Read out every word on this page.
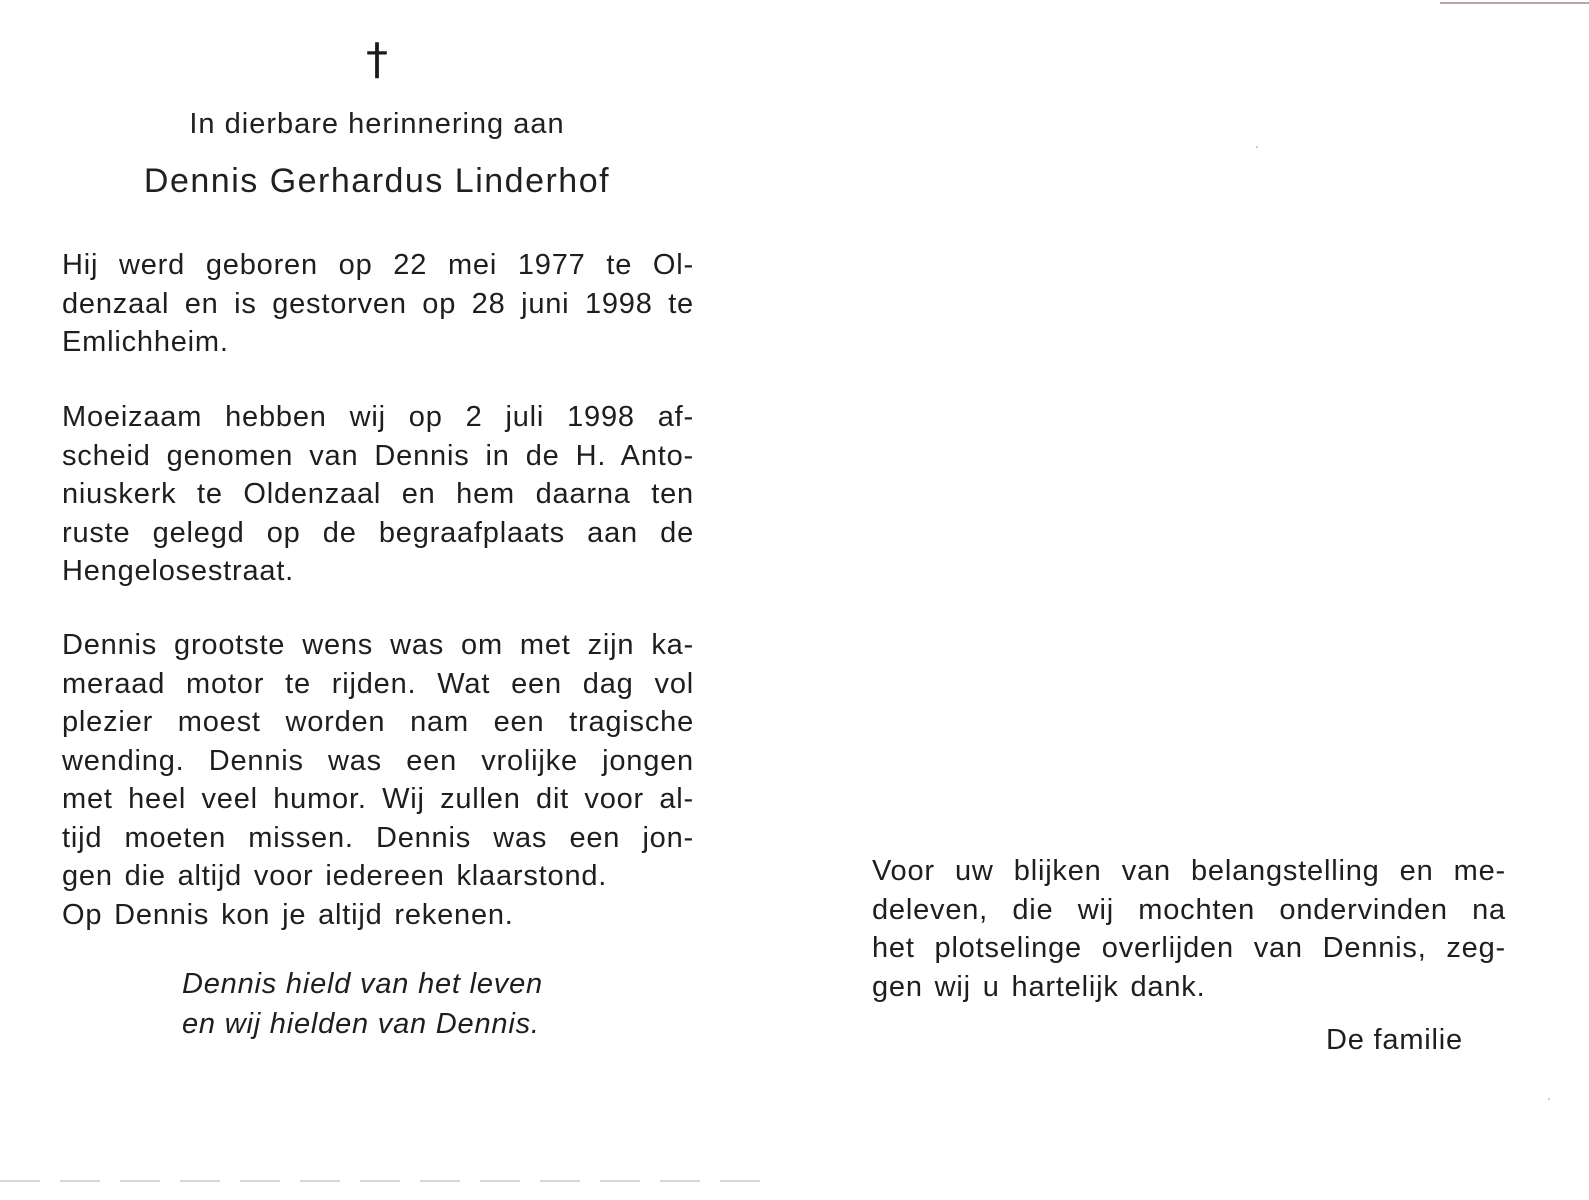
†
In dierbare herinnering aan
Dennis Gerhardus Linderhof
Hij werd geboren op 22 mei 1977 te Ol-
denzaal en is gestorven op 28 juni 1998 te
Emlichheim.
Moeizaam hebben wij op 2 juli 1998 af-
scheid genomen van Dennis in de H. Anto-
niuskerk te Oldenzaal en hem daarna ten
ruste gelegd op de begraafplaats aan de
Hengelosestraat.
Dennis grootste wens was om met zijn ka-
meraad motor te rijden. Wat een dag vol
plezier moest worden nam een tragische
wending. Dennis was een vrolijke jongen
met heel veel humor. Wij zullen dit voor al-
tijd moeten missen. Dennis was een jon-
gen die altijd voor iedereen klaarstond.
Op Dennis kon je altijd rekenen.
Dennis hield van het leven
en wij hielden van Dennis.
Voor uw blijken van belangstelling en me-
deleven, die wij mochten ondervinden na
het plotselinge overlijden van Dennis, zeg-
gen wij u hartelijk dank.
De familie
